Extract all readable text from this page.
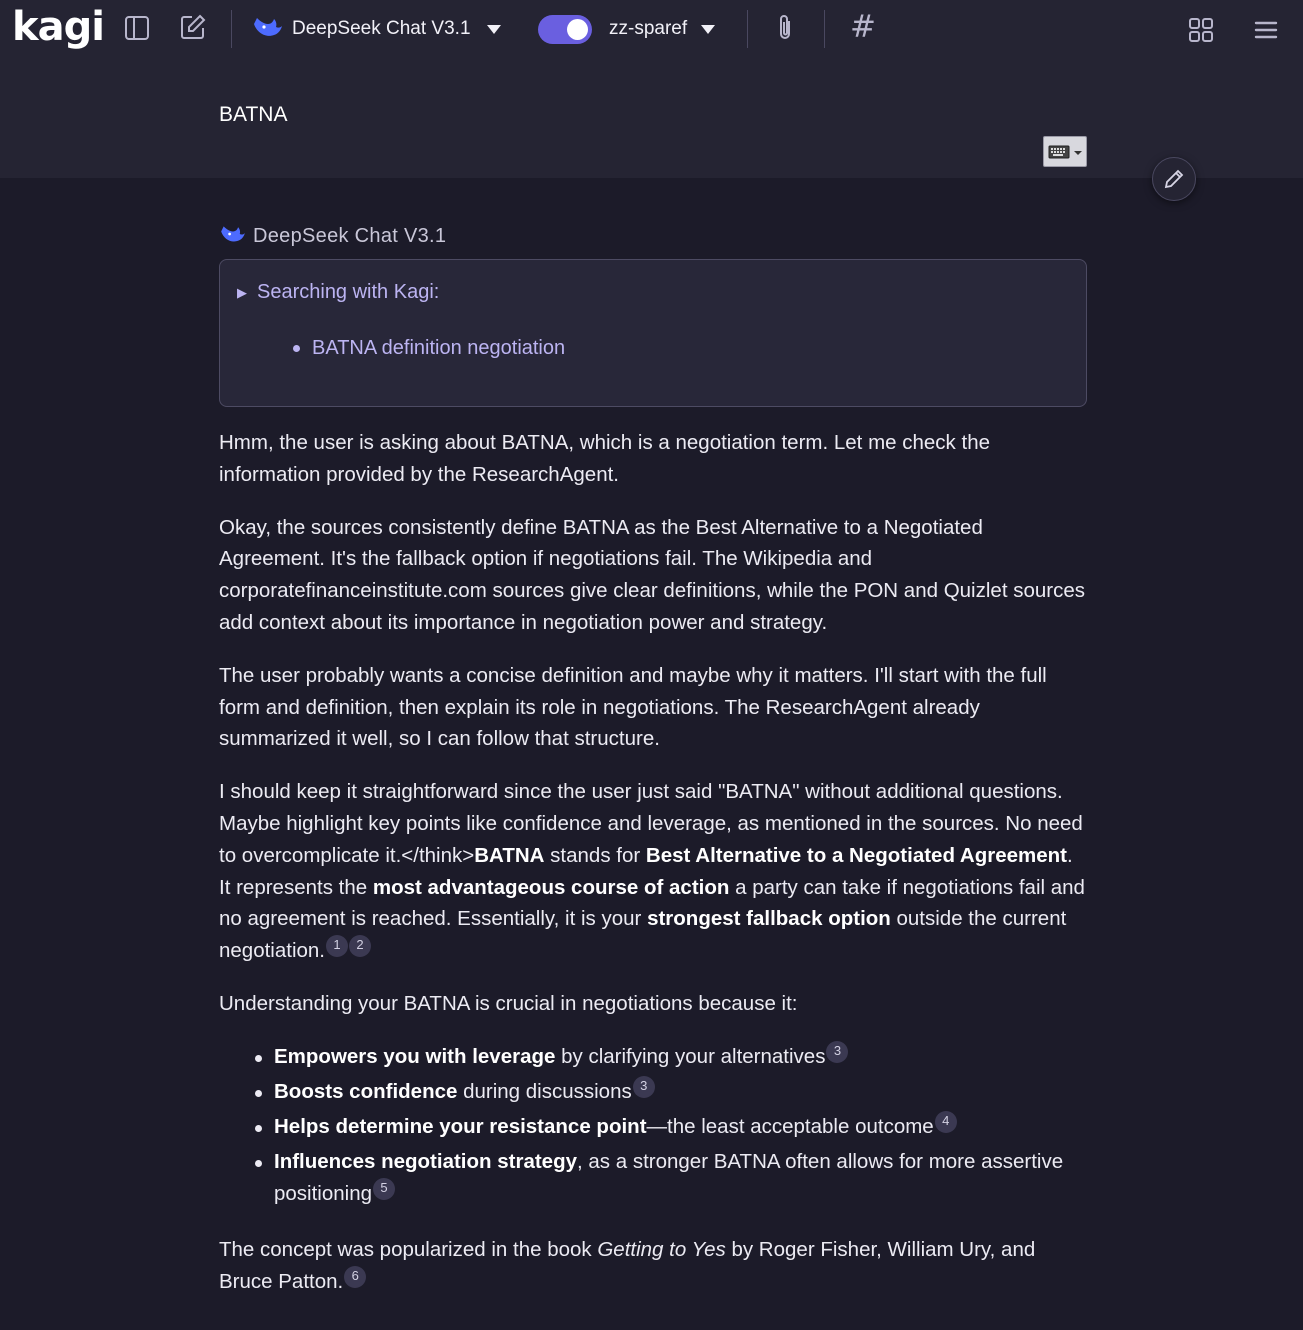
kagi	DeepSeek Chat V3.1	zz-sparef	#
BATNA
DeepSeek Chat V3.1
▶ Searching with Kagi:
BATNA definition negotiation

Hmm, the user is asking about BATNA, which is a negotiation term. Let me check the information provided by the ResearchAgent.

Okay, the sources consistently define BATNA as the Best Alternative to a Negotiated Agreement. It's the fallback option if negotiations fail. The Wikipedia and corporatefinanceinstitute.com sources give clear definitions, while the PON and Quizlet sources add context about its importance in negotiation power and strategy.

The user probably wants a concise definition and maybe why it matters. I'll start with the full form and definition, then explain its role in negotiations. The ResearchAgent already summarized it well, so I can follow that structure.

I should keep it straightforward since the user just said "BATNA" without additional questions. Maybe highlight key points like confidence and leverage, as mentioned in the sources. No need to overcomplicate it.</think>BATNA stands for Best Alternative to a Negotiated Agreement. It represents the most advantageous course of action a party can take if negotiations fail and no agreement is reached. Essentially, it is your strongest fallback option outside the current negotiation. 1 2

Understanding your BATNA is crucial in negotiations because it:

Empowers you with leverage by clarifying your alternatives 3
Boosts confidence during discussions 3
Helps determine your resistance point—the least acceptable outcome 4
Influences negotiation strategy, as a stronger BATNA often allows for more assertive positioning 5

The concept was popularized in the book Getting to Yes by Roger Fisher, William Ury, and Bruce Patton. 6
